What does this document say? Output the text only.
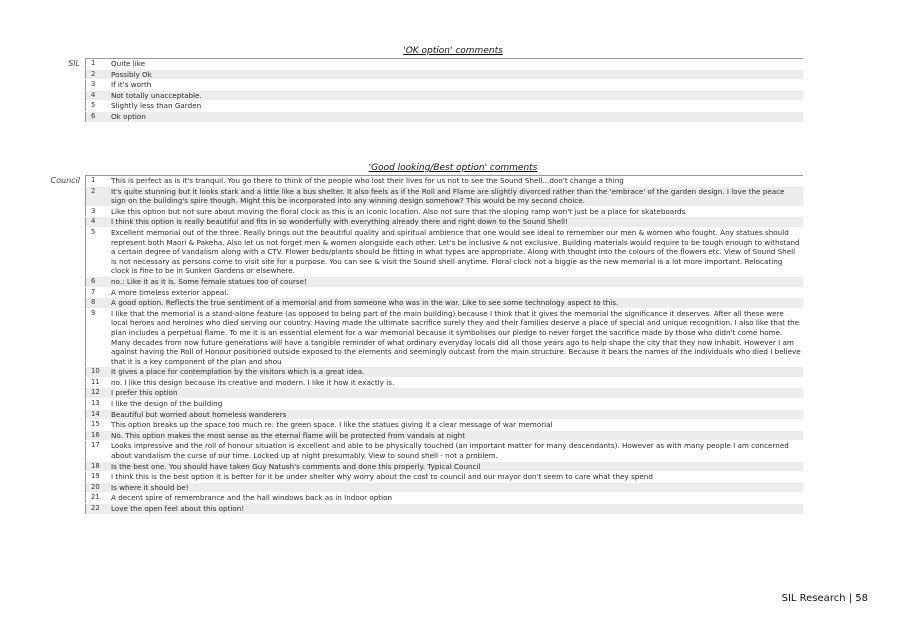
'OK option' comments
SIL	1	Quite like
2	Possibly Ok
3	If it's worth
4	Not totally unacceptable.
5	Slightly less than Garden
6	Ok option
'Good looking/Best option' comments
Council	1	This is perfect as is it's tranquil. You go there to think of the people who lost their lives for us not to see the Sound Shell...don't change a thing
2	It's quite stunning but it looks stark and a little like a bus shelter. It also feels as if the Roll and Flame are slightly divorced rather than the 'embrace' of the garden design. I love the peace sign on the building's spire though. Might this be incorporated into any winning design somehow? This would be my second choice.
3	Like this option but not sure about moving the floral clock as this is an iconic location. Also not sure that the sloping ramp won't just be a place for skateboards
4	I think this option is really beautiful and fits in so wonderfully with everything already there and right down to the Sound Shell!
5	Excellent memorial out of the three. Really brings out the beautiful quality and spiritual ambience that one would see ideal to remember our men & women who fought. Any statues should represent both Maori & Pakeha. Also let us not forget men & women alongside each other. Let's be inclusive & not exclusive. Building materials would require to be tough enough to withstand a certain degree of vandalism along with a CTV. Flower beds/plants should be fitting in what types are appropriate. Along with thought into the colours of the flowers etc. View of Sound Shell is not necessary as persons come to visit site for a purpose. You can see & visit the Sound shell anytime. Floral clock not a biggie as the new memorial is a lot more important. Relocating clock is fine to be in Sunken Gardens or elsewhere.
6	no.: Like it as it is. Some female statues too of course!
7	A more timeless exterior appeal.
8	A good option. Reflects the true sentiment of a memorial and from someone who was in the war. Like to see some technology aspect to this.
9	I like that the memorial is a stand-alone feature (as opposed to being part of the main building) because I think that it gives the memorial the significance it deserves. After all these were local heroes and heroines who died serving our country. Having made the ultimate sacrifice surely they and their families deserve a place of special and unique recognition. I also like that the plan includes a perpetual flame. To me it is an essential element for a war memorial because it symbolises our pledge to never forget the sacrifice made by those who didn't come home. Many decades from now future generations will have a tangible reminder of what ordinary everyday locals did all those years ago to help shape the city that they now inhabit. However I am against having the Roll of Honour positioned outside exposed to the elements and seemingly outcast from the main structure. Because it bears the names of the individuals who died I believe that it is a key component of the plan and shou
10	It gives a place for contemplation by the visitors which is a great idea.
11	no. I like this design because its creative and modern. I like it how it exactly is.
12	I prefer this option
13	I like the design of the building
14	Beautiful but worried about homeless wanderers
15	This option breaks up the space too much re: the green space. I like the statues giving it a clear message of war memorial
16	No. This option makes the most sense as the eternal flame will be protected from vandals at night
17	Looks impressive and the roll of honour situation is excellent and able to be physically touched (an important matter for many descendants). However as with many people I am concerned about vandalism the curse of our time. Locked up at night presumably. View to sound shell - not a problem.
18	Is the best one. You should have taken Guy Natush's comments and done this properly. Typical Council
19	I think this is the best option it is better for it be under shelter why worry about the cost to council and our mayor don't seem to care what they spend
20	Is where it should be!
21	A decent spire of remembrance and the hall windows back as in Indoor option
22	Love the open feel about this option!
SIL Research | 58
